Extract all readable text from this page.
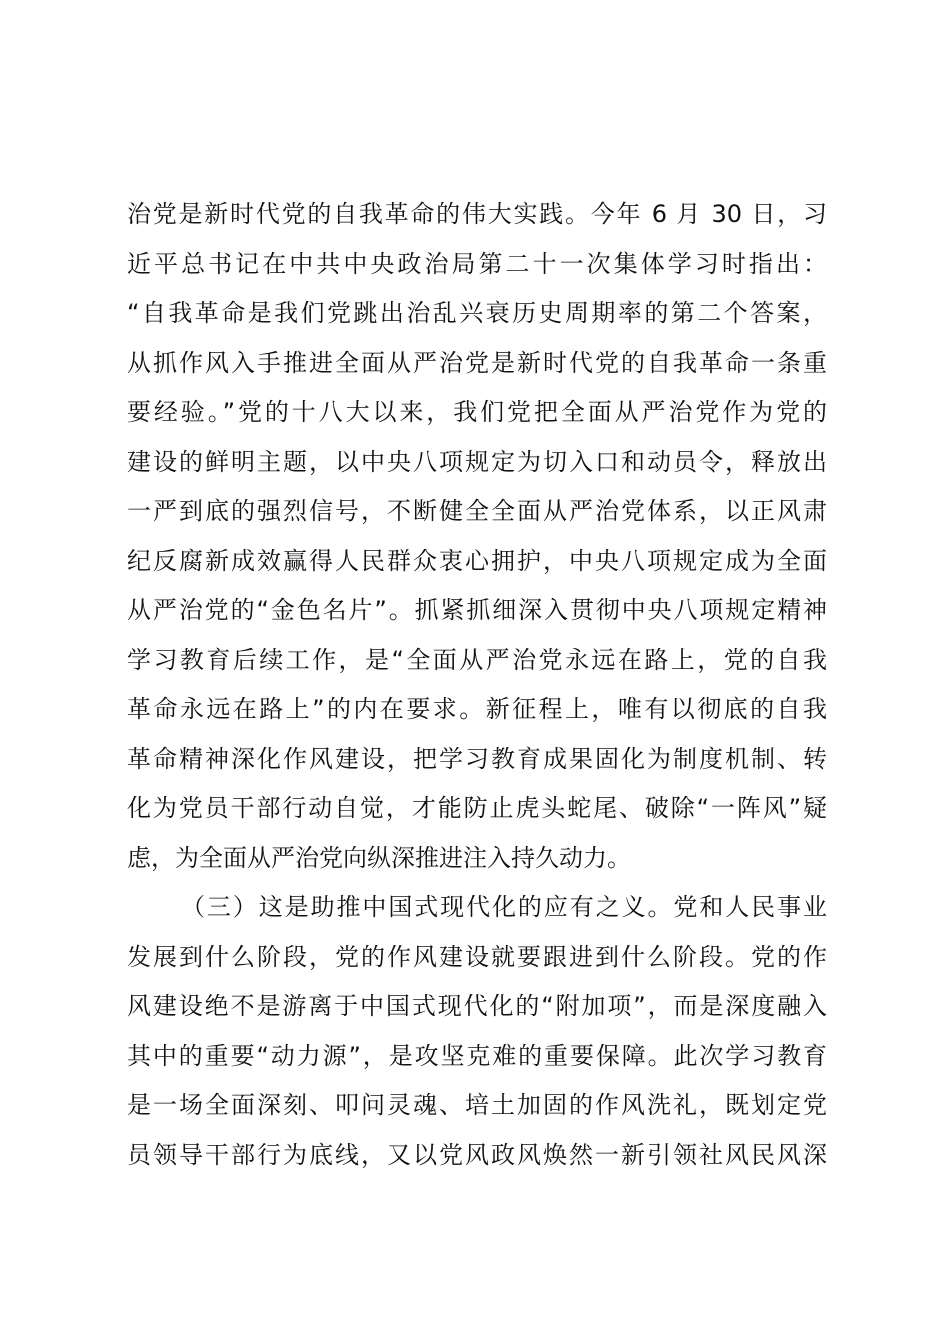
治党是新时代党的自我革命的伟大实践。今年 6 月 30 日，习
近平总书记在中共中央政治局第二十一次集体学习时指出：
“自我革命是我们党跳出治乱兴衰历史周期率的第二个答案，
从抓作风入手推进全面从严治党是新时代党的自我革命一条重
要经验。”党的十八大以来，我们党把全面从严治党作为党的
建设的鲜明主题，以中央八项规定为切入口和动员令，释放出
一严到底的强烈信号，不断健全全面从严治党体系，以正风肃
纪反腐新成效赢得人民群众衷心拥护，中央八项规定成为全面
从严治党的“金色名片”。抓紧抓细深入贯彻中央八项规定精神
学习教育后续工作，是“全面从严治党永远在路上，党的自我
革命永远在路上”的内在要求。新征程上，唯有以彻底的自我
革命精神深化作风建设，把学习教育成果固化为制度机制、转
化为党员干部行动自觉，才能防止虎头蛇尾、破除“一阵风”疑
虑，为全面从严治党向纵深推进注入持久动力。
（三）这是助推中国式现代化的应有之义。党和人民事业
发展到什么阶段，党的作风建设就要跟进到什么阶段。党的作
风建设绝不是游离于中国式现代化的“附加项”，而是深度融入
其中的重要“动力源”，是攻坚克难的重要保障。此次学习教育
是一场全面深刻、叩问灵魂、培土加固的作风洗礼，既划定党
员领导干部行为底线，又以党风政风焕然一新引领社风民风深
